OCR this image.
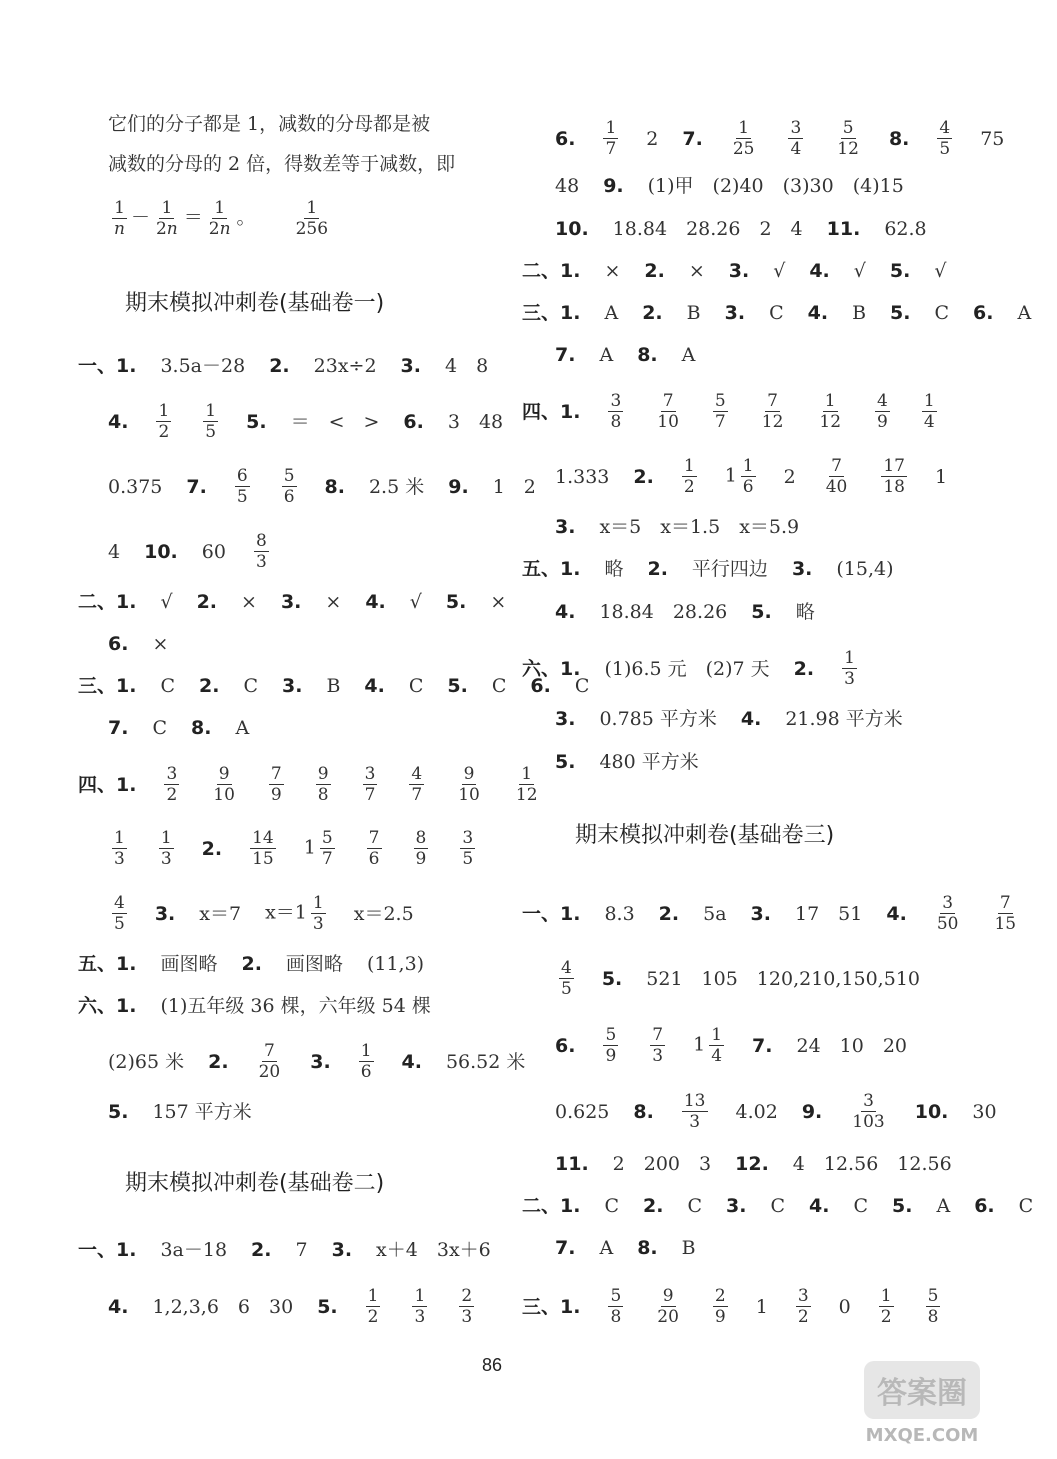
它们的分子都是 1，减数的分母都是被
减数的分母的 2 倍，得数差等于减数，即
$\frac{1}{n} - \frac{1}{2n} = \frac{1}{2n}$ 。 $\frac{1}{256}$
期末模拟冲刺卷(基础卷一)
期末模拟冲刺卷(基础卷二)
期末模拟冲刺卷(基础卷三)
一、1. 3.5a－28 2. 23x÷2 3. 4　8
4. $\frac{1}{2} \frac{1}{5} 5$. ＝　<　> 6. 3　48
0.375 7. $\frac{6}{5} \frac{5}{6} 8$. 2.5 米 9. 1　2
4 10. $60 \frac{8}{3}$
二、1. √ 2. × 3. × 4. √ 5. ×
6. ×
三、1. C 2. C 3. B 4. C 5. C 6. C
7. C 8. A
四、1. $\frac{3}{2} \frac{9}{10} \frac{7}{9} \frac{9}{8} \frac{3}{7} \frac{4}{7} \frac{9}{10} \frac{1}{12}$
$\frac{1}{3} \frac{1}{3} 2$. $\frac{14}{15} 1 \frac{5}{7} \frac{7}{6} \frac{8}{9} \frac{3}{5}$
$\frac{4}{5} 3$. x＝7 $x=1 \frac{1}{3} x=2.5$
五、1. 画图略 2. 画图略 (11,3)
六、1. (1)五年级 36 棵，六年级 54 棵
(2)65 米 2. $\frac{7}{20} 3$. $\frac{1}{6} 4$. 56.52 米
5. 157 平方米
一、1. 3a－18 2. 7 3. x＋4　3x＋6
4. 1,2,3,6　6　30 5. $\frac{1}{2} \frac{1}{3} \frac{2}{3}$
6. $\frac{1}{7} 2$ 7. $\frac{1}{25} \frac{3}{4} \frac{5}{12} 8$. $\frac{4}{5} 75$
48 9. (1)甲　(2)40　(3)30　(4)15
10. 18.84　28.26　2　4 11. 62.8
二、1. × 2. × 3. √ 4. √ 5. √
三、1. A 2. B 3. C 4. B 5. C 6. A
7. A 8. A
四、1. $\frac{3}{8} \frac{7}{10} \frac{5}{7} \frac{7}{12} \frac{1}{12} \frac{4}{9} \frac{1}{4}$
1.333 2. $\frac{1}{2} 1 \frac{1}{6} 2 \frac{7}{40} \frac{17}{18} 1$
3. x＝5　x＝1.5　x＝5.9
五、1. 略 2. 平行四边 3. (15,4)
4. 18.84　28.26 5. 略
六、1. (1)6.5 元　(2)7 天 2. $\frac{1}{3}$
3. 0.785 平方米 4. 21.98 平方米
5. 480 平方米
一、1. 8.3 2. 5a 3. 17　51 4. $\frac{3}{50} \frac{7}{15}$
$\frac{4}{5} 5$. 521　105　120,210,150,510
6. $\frac{5}{9} \frac{7}{3} 1 \frac{1}{4} 7$. 24　10　20
0.625 8. $\frac{13}{3} 4.02$ 9. $\frac{3}{103} 10$. 30
11. 2　200　3 12. 4　12.56　12.56
二、1. C 2. C 3. C 4. C 5. A 6. C
7. A 8. B
三、1. $\frac{5}{8} \frac{9}{20} \frac{2}{9} 1 \frac{3}{2} 0 \frac{1}{2} \frac{5}{8}$
86
答案圈
MXQE.COM
